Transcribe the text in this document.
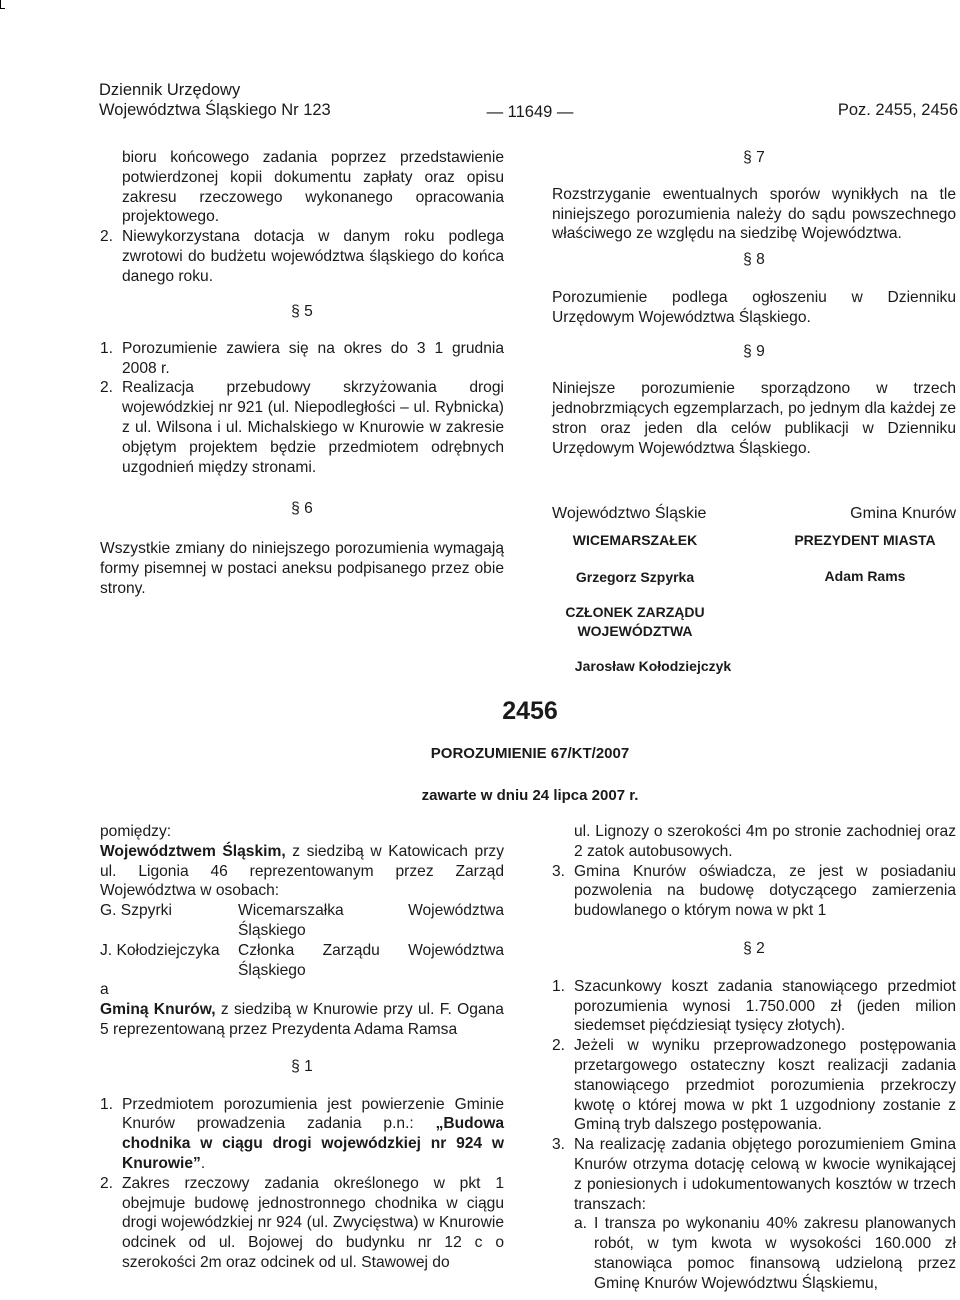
Dziennik Urzędowy
Województwa Śląskiego Nr 123	— 11649 —	Poz. 2455, 2456

bioru końcowego zadania poprzez przedstawienie potwierdzonej kopii dokumentu zapłaty oraz opisu zakresu rzeczowego wykonanego opracowania projektowego.

2. Niewykorzystana dotacja w danym roku podlega zwrotowi do budżetu województwa śląskiego do końca danego roku.

§ 5

1. Porozumienie zawiera się na okres do 3 1 grudnia 2008 r.
2. Realizacja przebudowy skrzyżowania drogi wojewódzkiej nr 921 (ul. Niepodległości – ul. Rybnicka) z ul. Wilsona i ul. Michalskiego w Knurowie w zakresie objętym projektem będzie przedmiotem odrębnych uzgodnień między stronami.

§ 6

Wszystkie zmiany do niniejszego porozumienia wymagają formy pisemnej w postaci aneksu podpisanego przez obie strony.

§ 7

Rozstrzyganie ewentualnych sporów wynikłych na tle niniejszego porozumienia należy do sądu powszechnego właściwego ze względu na siedzibę Województwa.

§ 8

Porozumienie podlega ogłoszeniu w Dzienniku Urzędowym Województwa Śląskiego.

§ 9

Niniejsze porozumienie sporządzono w trzech jednobrzmiących egzemplarzach, po jednym dla każdej ze stron oraz jeden dla celów publikacji w Dzienniku Urzędowym Województwa Śląskiego.

Województwo Śląskie	Gmina Knurów
WICEMARSZAŁEK
Grzegorz Szpyrka
PREZYDENT MIASTA
Adam Rams
CZŁONEK ZARZĄDU
WOJEWÓDZTWA
Jarosław Kołodziejczyk
2456
POROZUMIENIE 67/KT/2007
zawarte w dniu 24 lipca 2007 r.

pomiędzy:

Województwem Śląskim, z siedzibą w Katowicach przy ul. Ligonia 46 reprezentowanym przez Zarząd Województwa w osobach:

G. Szpyrki	Wicemarszałka Województwa Śląskiego
J. Kołodziejczyka	Członka Zarządu Województwa Śląskiego

a

Gminą Knurów, z siedzibą w Knurowie przy ul. F. Ogana 5 reprezentowaną przez Prezydenta Adama Ramsa

§ 1

1. Przedmiotem porozumienia jest powierzenie Gminie Knurów prowadzenia zadania p.n.: „Budowa chodnika w ciągu drogi wojewódzkiej nr 924 w Knurowie”.
2. Zakres rzeczowy zadania określonego w pkt 1 obejmuje budowę jednostronnego chodnika w ciągu drogi wojewódzkiej nr 924 (ul. Zwycięstwa) w Knurowie odcinek od ul. Bojowej do budynku nr 12 c o szerokości 2m oraz odcinek od ul. Stawowej do
ul. Lignozy o szerokości 4m po stronie zachodniej oraz 2 zatok autobusowych.
3. Gmina Knurów oświadcza, ze jest w posiadaniu pozwolenia na budowę dotyczącego zamierzenia budowlanego o którym nowa w pkt 1

§ 2

1. Szacunkowy koszt zadania stanowiącego przedmiot porozumienia wynosi 1.750.000 zł (jeden milion siedemset pięćdziesiąt tysięcy złotych).
2. Jeżeli w wyniku przeprowadzonego postępowania przetargowego ostateczny koszt realizacji zadania stanowiącego przedmiot porozumienia przekroczy kwotę o której mowa w pkt 1 uzgodniony zostanie z Gminą tryb dalszego postępowania.
3. Na realizację zadania objętego porozumieniem Gmina Knurów otrzyma dotację celową w kwocie wynikającej z poniesionych i udokumentowanych kosztów w trzech transzach:
a. I transza po wykonaniu 40% zakresu planowanych robót, w tym kwota w wysokości 160.000 zł stanowiąca pomoc finansową udzieloną przez Gminę Knurów Województwu Śląskiemu,
